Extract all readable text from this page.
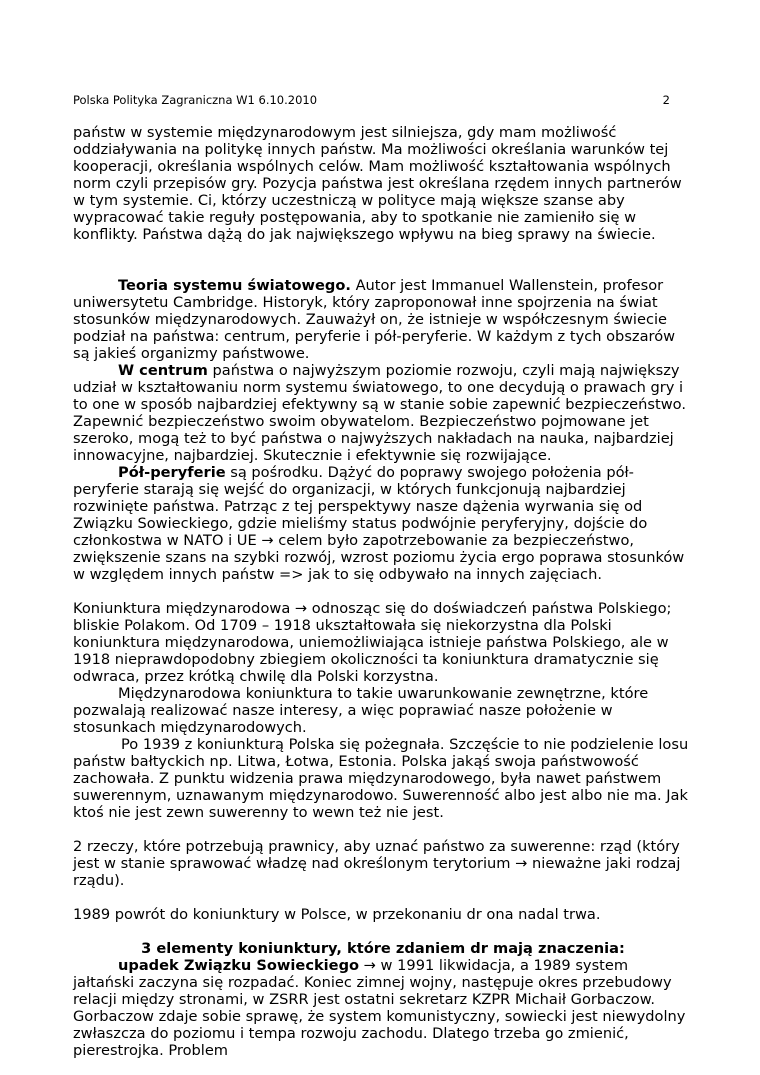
Polska Polityka Zagraniczna W1 6.10.2010	2

państw w systemie międzynarodowym jest silniejsza, gdy mam możliwość oddziaływania na politykę innych państw. Ma możliwości określania warunków tej kooperacji, określania wspólnych celów. Mam możliwość kształtowania wspólnych norm czyli przepisów gry. Pozycja państwa jest określana rzędem innych partnerów w tym systemie. Ci, którzy uczestniczą w polityce mają większe szanse aby wypracować takie reguły postępowania, aby to spotkanie nie zamieniło się w konflikty. Państwa dążą do jak największego wpływu na bieg sprawy na świecie.

Teoria systemu światowego. Autor jest Immanuel Wallenstein, profesor uniwersytetu Cambridge. Historyk, który zaproponował inne spojrzenia na świat stosunków międzynarodowych. Zauważył on, że istnieje w współczesnym świecie podział na państwa: centrum, peryferie i pół-peryferie. W każdym z tych obszarów są jakieś organizmy państwowe.

W centrum państwa o najwyższym poziomie rozwoju, czyli mają największy udział w kształtowaniu norm systemu światowego, to one decydują o prawach gry i to one w sposób najbardziej efektywny są w stanie sobie zapewnić bezpieczeństwo. Zapewnić bezpieczeństwo swoim obywatelom. Bezpieczeństwo pojmowane jet szeroko, mogą też to być państwa o najwyższych nakładach na nauka, najbardziej innowacyjne, najbardziej. Skutecznie i efektywnie się rozwijające.

Pół-peryferie są pośrodku. Dążyć do poprawy swojego położenia pół-peryferie starają się wejść do organizacji, w których funkcjonują najbardziej rozwinięte państwa. Patrząc z tej perspektywy nasze dążenia wyrwania się od Związku Sowieckiego, gdzie mieliśmy status podwójnie peryferyjny, dojście do członkostwa w NATO i UE → celem było zapotrzebowanie za bezpieczeństwo, zwiększenie szans na szybki rozwój, wzrost poziomu życia ergo poprawa stosunków w względem innych państw => jak to się odbywało na innych zajęciach.

Koniunktura międzynarodowa → odnosząc się do doświadczeń państwa Polskiego; bliskie Polakom. Od 1709 – 1918 ukształtowała się niekorzystna dla Polski koniunktura międzynarodowa, uniemożliwiająca istnieje państwa Polskiego, ale w 1918 nieprawdopodobny zbiegiem okoliczności ta koniunktura dramatycznie się odwraca, przez krótką chwilę dla Polski korzystna.

Międzynarodowa koniunktura to takie uwarunkowanie zewnętrzne, które pozwalają realizować nasze interesy, a więc poprawiać nasze położenie w stosunkach międzynarodowych.

Po 1939 z koniunkturą Polska się pożegnała. Szczęście to nie podzielenie losu państw bałtyckich np. Litwa, Łotwa, Estonia. Polska jakąś swoja państwowość zachowała. Z punktu widzenia prawa międzynarodowego, była nawet państwem suwerennym, uznawanym międzynarodowo. Suwerenność albo jest albo nie ma. Jak ktoś nie jest zewn suwerenny to wewn też nie jest.

2 rzeczy, które potrzebują prawnicy, aby uznać państwo za suwerenne: rząd (który jest w stanie sprawować władzę nad określonym terytorium → nieważne jaki rodzaj rządu).

1989 powrót do koniunktury w Polsce, w przekonaniu dr ona nadal trwa.

3 elementy koniunktury, które zdaniem dr mają znaczenia:

upadek Związku Sowieckiego → w 1991 likwidacja, a 1989 system jałtański zaczyna się rozpadać. Koniec zimnej wojny, następuje okres przebudowy relacji między stronami, w ZSRR jest ostatni sekretarz KZPR Michaił Gorbaczow. Gorbaczow zdaje sobie sprawę, że system komunistyczny, sowiecki jest niewydolny zwłaszcza do poziomu i tempa rozwoju zachodu. Dlatego trzeba go zmienić, pierestrojka. Problem
